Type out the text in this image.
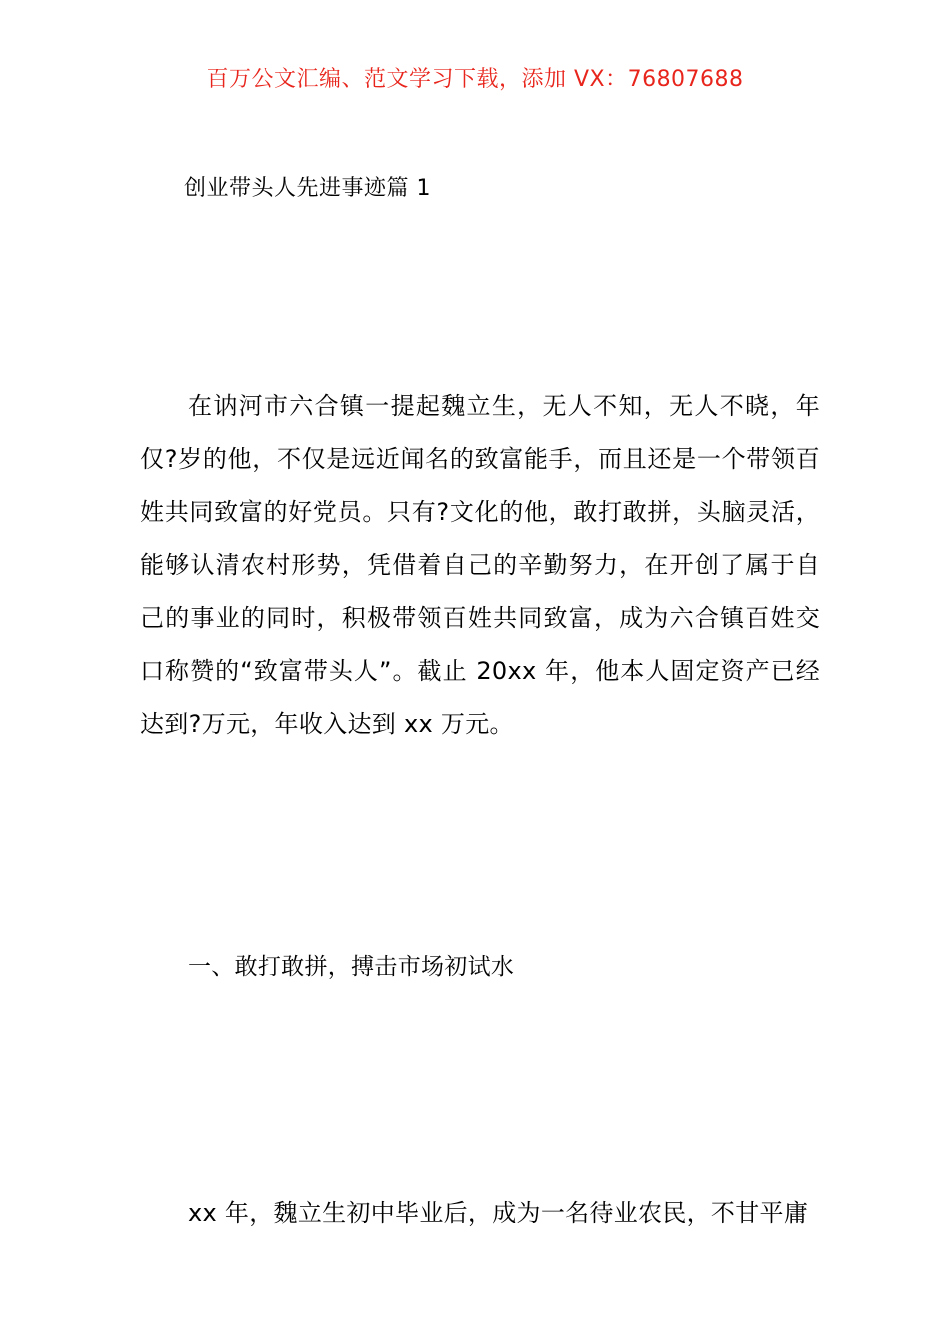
百万公文汇编、范文学习下载，添加 VX：76807688
创业带头人先进事迹篇 1

在讷河市六合镇一提起魏立生，无人不知，无人不晓，年仅?岁的他，不仅是远近闻名的致富能手，而且还是一个带领百姓共同致富的好党员。只有?文化的他，敢打敢拼，头脑灵活，能够认清农村形势，凭借着自己的辛勤努力，在开创了属于自己的事业的同时，积极带领百姓共同致富，成为六合镇百姓交口称赞的“致富带头人”。截止 20xx 年，他本人固定资产已经达到?万元，年收入达到 xx 万元。

一、敢打敢拼，搏击市场初试水

xx 年，魏立生初中毕业后，成为一名待业农民，不甘平庸
